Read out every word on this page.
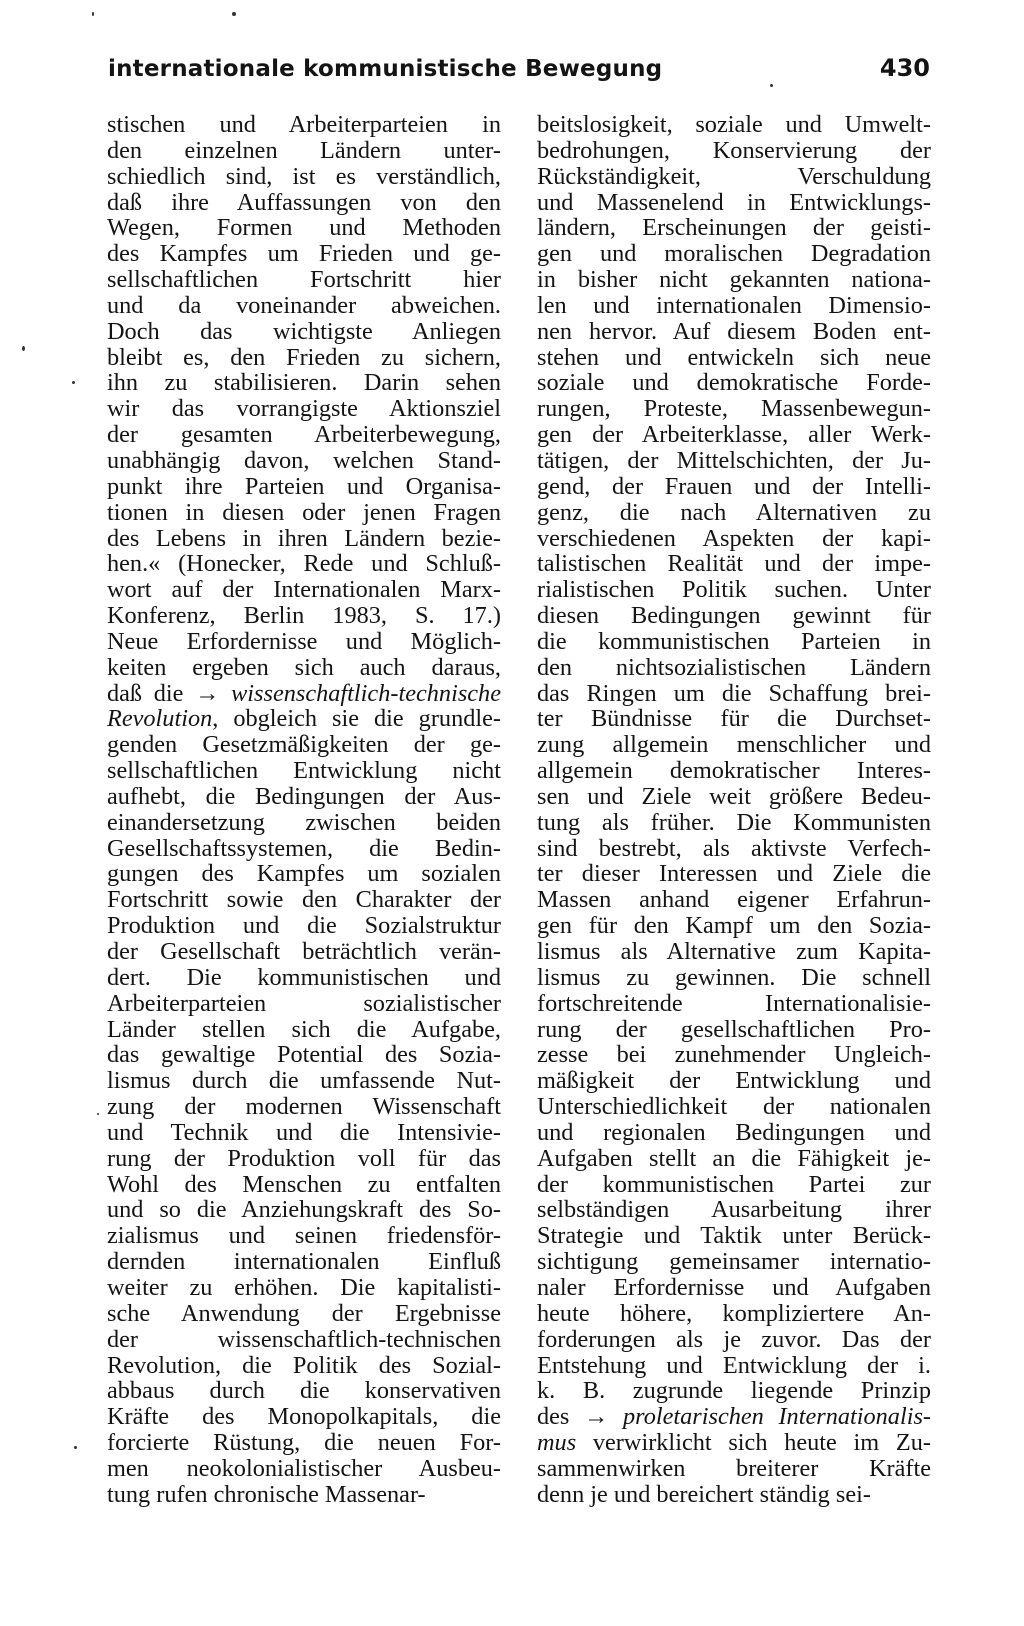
internationale kommunistische Bewegung	430
stischen und Arbeiterparteien in
den einzelnen Ländern unter-
schiedlich sind, ist es verständlich,
daß ihre Auffassungen von den
Wegen, Formen und Methoden
des Kampfes um Frieden und ge-
sellschaftlichen Fortschritt hier
und da voneinander abweichen.
Doch das wichtigste Anliegen
bleibt es, den Frieden zu sichern,
ihn zu stabilisieren. Darin sehen
wir das vorrangigste Aktionsziel
der gesamten Arbeiterbewegung,
unabhängig davon, welchen Stand-
punkt ihre Parteien und Organisa-
tionen in diesen oder jenen Fragen
des Lebens in ihren Ländern bezie-
hen.« (Honecker, Rede und Schluß-
wort auf der Internationalen Marx-
Konferenz, Berlin 1983, S. 17.)
Neue Erfordernisse und Möglich-
keiten ergeben sich auch daraus,
daß die → wissenschaftlich-technische
Revolution, obgleich sie die grundle-
genden Gesetzmäßigkeiten der ge-
sellschaftlichen Entwicklung nicht
aufhebt, die Bedingungen der Aus-
einandersetzung zwischen beiden
Gesellschaftssystemen, die Bedin-
gungen des Kampfes um sozialen
Fortschritt sowie den Charakter der
Produktion und die Sozialstruktur
der Gesellschaft beträchtlich verän-
dert. Die kommunistischen und
Arbeiterparteien sozialistischer
Länder stellen sich die Aufgabe,
das gewaltige Potential des Sozia-
lismus durch die umfassende Nut-
zung der modernen Wissenschaft
und Technik und die Intensivie-
rung der Produktion voll für das
Wohl des Menschen zu entfalten
und so die Anziehungskraft des So-
zialismus und seinen friedensför-
dernden internationalen Einfluß
weiter zu erhöhen. Die kapitalisti-
sche Anwendung der Ergebnisse
der wissenschaftlich-technischen
Revolution, die Politik des Sozial-
abbaus durch die konservativen
Kräfte des Monopolkapitals, die
forcierte Rüstung, die neuen For-
men neokolonialistischer Ausbeu-
tung rufen chronische Massenar-
beitslosigkeit, soziale und Umwelt-
bedrohungen, Konservierung der
Rückständigkeit, Verschuldung
und Massenelend in Entwicklungs-
ländern, Erscheinungen der geisti-
gen und moralischen Degradation
in bisher nicht gekannten nationa-
len und internationalen Dimensio-
nen hervor. Auf diesem Boden ent-
stehen und entwickeln sich neue
soziale und demokratische Forde-
rungen, Proteste, Massenbewegun-
gen der Arbeiterklasse, aller Werk-
tätigen, der Mittelschichten, der Ju-
gend, der Frauen und der Intelli-
genz, die nach Alternativen zu
verschiedenen Aspekten der kapi-
talistischen Realität und der impe-
rialistischen Politik suchen. Unter
diesen Bedingungen gewinnt für
die kommunistischen Parteien in
den nichtsozialistischen Ländern
das Ringen um die Schaffung brei-
ter Bündnisse für die Durchset-
zung allgemein menschlicher und
allgemein demokratischer Interes-
sen und Ziele weit größere Bedeu-
tung als früher. Die Kommunisten
sind bestrebt, als aktivste Verfech-
ter dieser Interessen und Ziele die
Massen anhand eigener Erfahrun-
gen für den Kampf um den Sozia-
lismus als Alternative zum Kapita-
lismus zu gewinnen. Die schnell
fortschreitende Internationalisie-
rung der gesellschaftlichen Pro-
zesse bei zunehmender Ungleich-
mäßigkeit der Entwicklung und
Unterschiedlichkeit der nationalen
und regionalen Bedingungen und
Aufgaben stellt an die Fähigkeit je-
der kommunistischen Partei zur
selbständigen Ausarbeitung ihrer
Strategie und Taktik unter Berück-
sichtigung gemeinsamer internatio-
naler Erfordernisse und Aufgaben
heute höhere, kompliziertere An-
forderungen als je zuvor. Das der
Entstehung und Entwicklung der i.
k. B. zugrunde liegende Prinzip
des → proletarischen Internationalis-
mus verwirklicht sich heute im Zu-
sammenwirken breiterer Kräfte
denn je und bereichert ständig sei-
